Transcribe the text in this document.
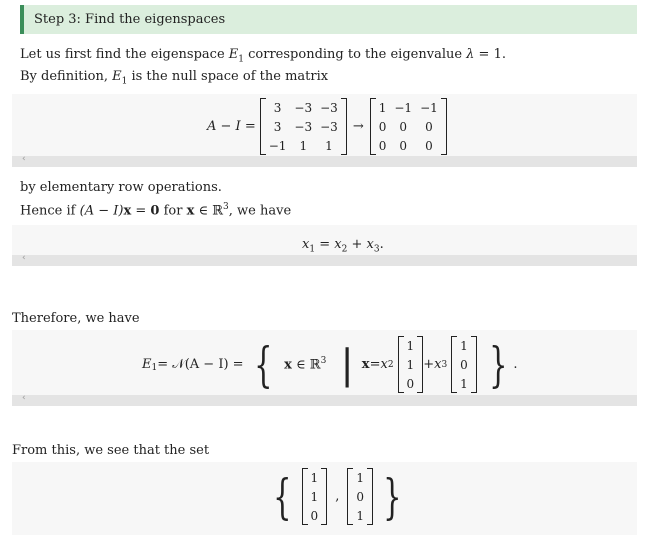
Step 3: Find the eigenspaces
Let us first find the eigenspace $E_1$ corresponding to the eigenvalue λ = 1.
By definition, $E_1$ is the null space of the matrix
A − I =
3	−3	−3
3	−3	−3
−1	1	1
→
1	−1	−1
0	0	0
0	0	0
‹
by elementary row operations.
Hence if (A − I)x = 0 for x ∈ ℝ$^3$, we have
$x_1 = x_2 + x_3$.
‹
Therefore, we have
$E_1$ = 𝒩(A − I) = { x ∈ ℝ$^3$ | x = x 2
1
1
0
+ x 3
1
0
1 } .
‹
From this, we see that the set
{ 1
1
0
,
1
0
1 }
